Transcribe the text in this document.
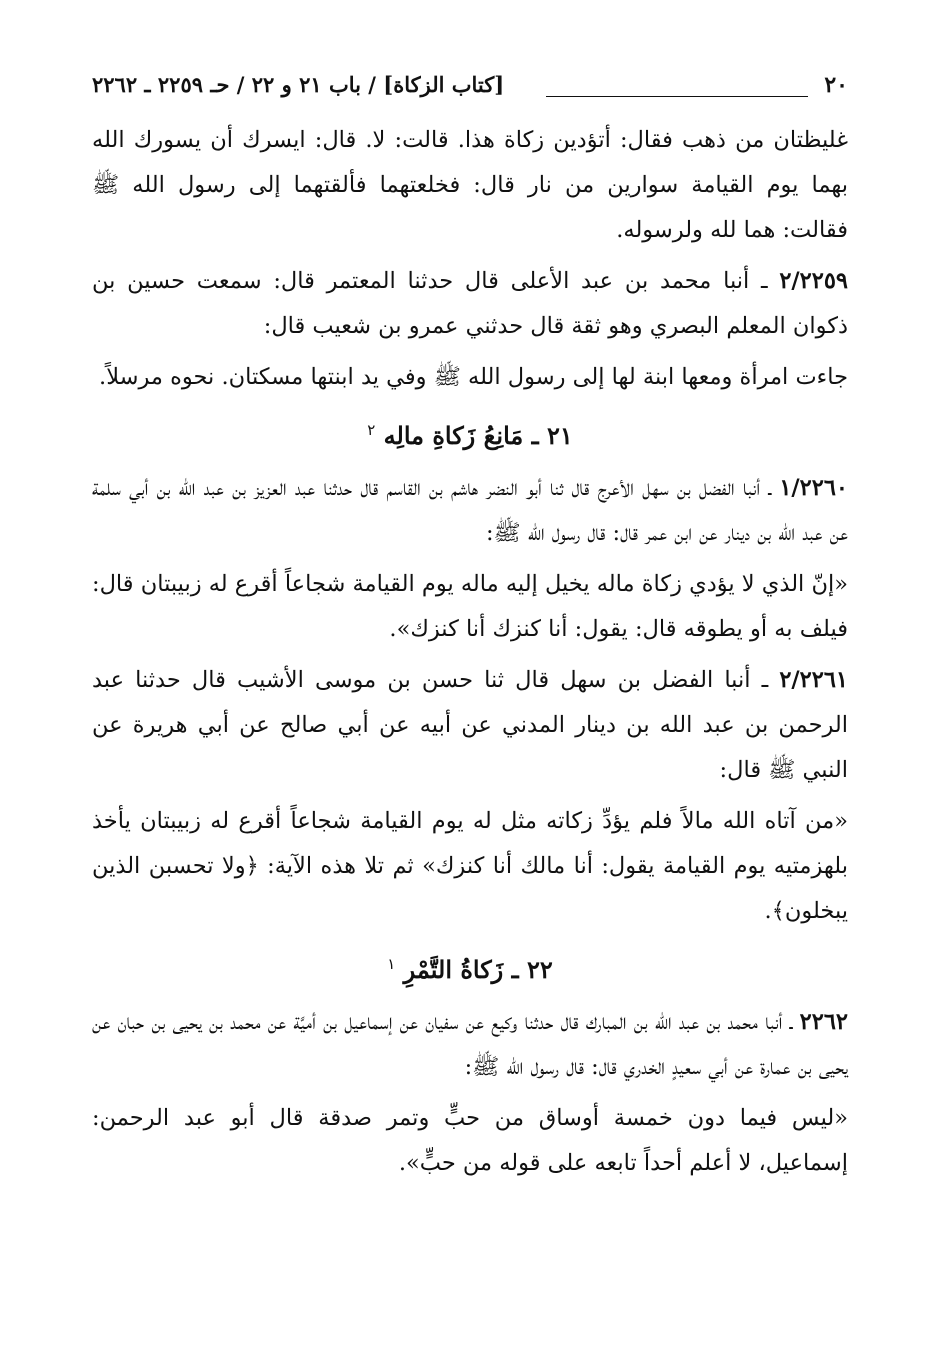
٢٠
[كتاب الزكاة] / باب ٢١ و ٢٢ / حـ ٢٢٥٩ ـ ٢٢٦٢

غليظتان من ذهب فقال: أتؤدين زكاة هذا. قالت: لا. قال: ايسرك أن يسورك الله بهما يوم القيامة سوارين من نار قال: فخلعتهما فألقتهما إلى رسول الله ﷺ فقالت: هما لله ولرسوله.

٢/٢٢٥٩ ـ أنبا محمد بن عبد الأعلى قال حدثنا المعتمر قال: سمعت حسين بن ذكوان المعلم البصري وهو ثقة قال حدثني عمرو بن شعيب قال:

جاءت امرأة ومعها ابنة لها إلى رسول الله ﷺ وفي يد ابنتها مسكتان. نحوه مرسلاً.

٢١ ـ مَانِعُ زَكاةِ مالِه $^٢$

١/٢٢٦٠ ـ أنبا الفضل بن سهل الأعرج قال ثنا أبو النضر هاشم بن القاسم قال حدثنا عبد العزيز بن عبد الله بن أبي سلمة عن عبد الله بن دينار عن ابن عمر قال: قال رسول الله ﷺ:

«إنّ الذي لا يؤدي زكاة ماله يخيل إليه ماله يوم القيامة شجاعاً أقرع له زبيبتان قال: فيلف به أو يطوقه قال: يقول: أنا كنزك أنا كنزك».

٢/٢٢٦١ ـ أنبا الفضل بن سهل قال ثنا حسن بن موسى الأشيب قال حدثنا عبد الرحمن بن عبد الله بن دينار المدني عن أبيه عن أبي صالح عن أبي هريرة عن النبي ﷺ قال:

«من آتاه الله مالاً فلم يؤدِّ زكاته مثل له يوم القيامة شجاعاً أقرع له زبيبتان يأخذ بلهزمتيه يوم القيامة يقول: أنا مالك أنا كنزك» ثم تلا هذه الآية: ﴿ولا تحسبن الذين يبخلون﴾.

٢٢ ـ زَكاةُ التَّمْرِ $^١$

٢٢٦٢ ـ أنبا محمد بن عبد الله بن المبارك قال حدثنا وكيع عن سفيان عن إسماعيل بن أميَّة عن محمد بن يحيى بن حبان عن يحيى بن عمارة عن أبي سعيدٍ الخدري قال: قال رسول الله ﷺ:

«ليس فيما دون خمسة أوساق من حبٍّ وتمر صدقة قال أبو عبد الرحمن: إسماعيل، لا أعلم أحداً تابعه على قوله من حبٍّ».
